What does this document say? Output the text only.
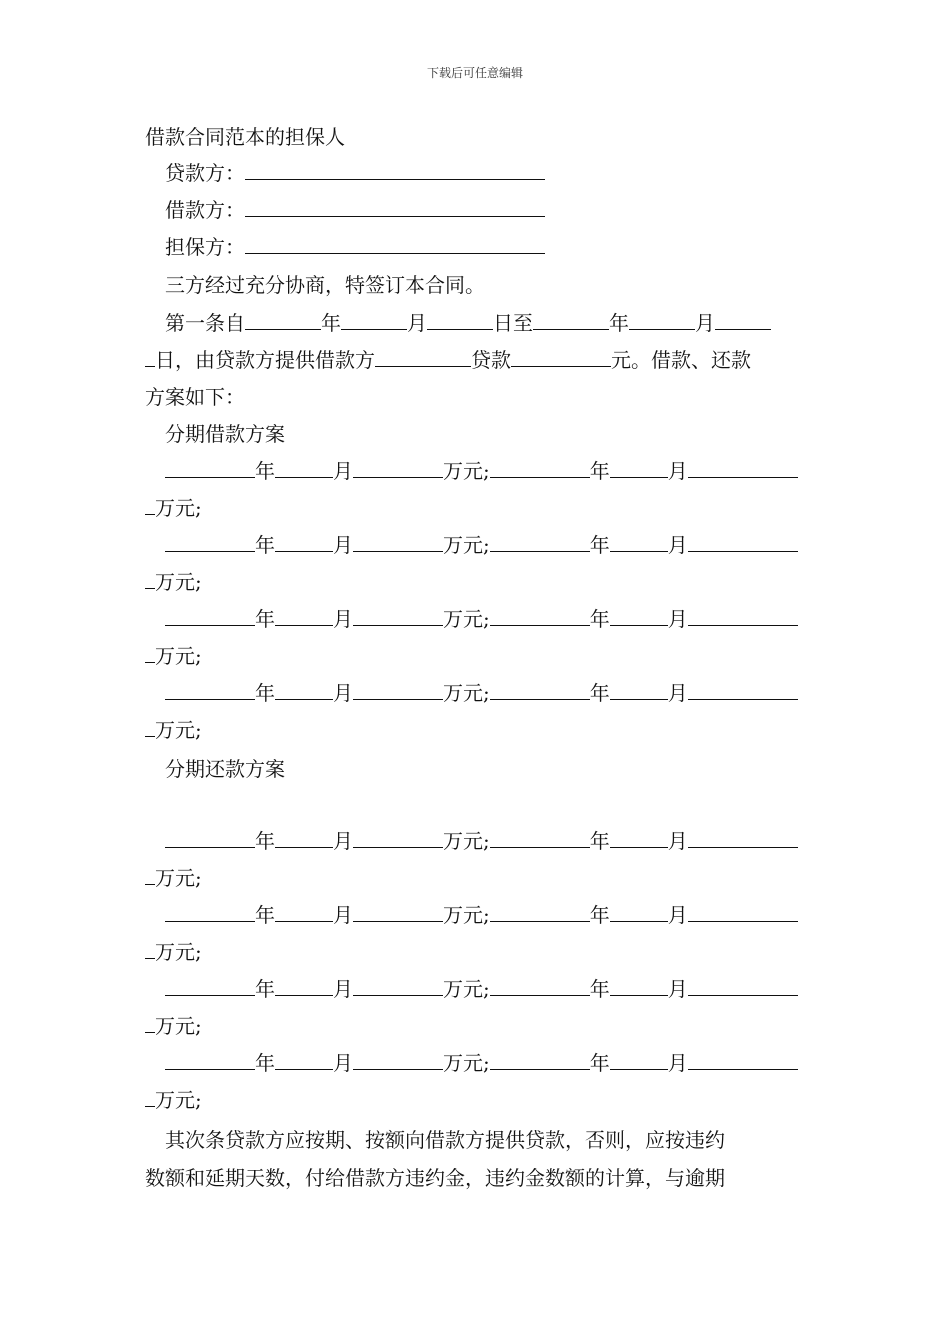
下载后可任意编辑
借款合同范本的担保人
贷款方：
借款方：
担保方：
三方经过充分协商，特签订本合同。
第一条自	年	月	日至	年	月
日，由贷款方提供借款方	贷款	元。借款、还款
方案如下：
分期借款方案
年	月	万元;	年	月
万元;
年	月	万元;	年	月
万元;
年	月	万元;	年	月
万元;
年	月	万元;	年	月
万元;
分期还款方案
年	月	万元;	年	月
万元;
年	月	万元;	年	月
万元;
年	月	万元;	年	月
万元;
年	月	万元;	年	月
万元;
其次条贷款方应按期、按额向借款方提供贷款，否则，应按违约
数额和延期天数，付给借款方违约金，违约金数额的计算，与逾期
